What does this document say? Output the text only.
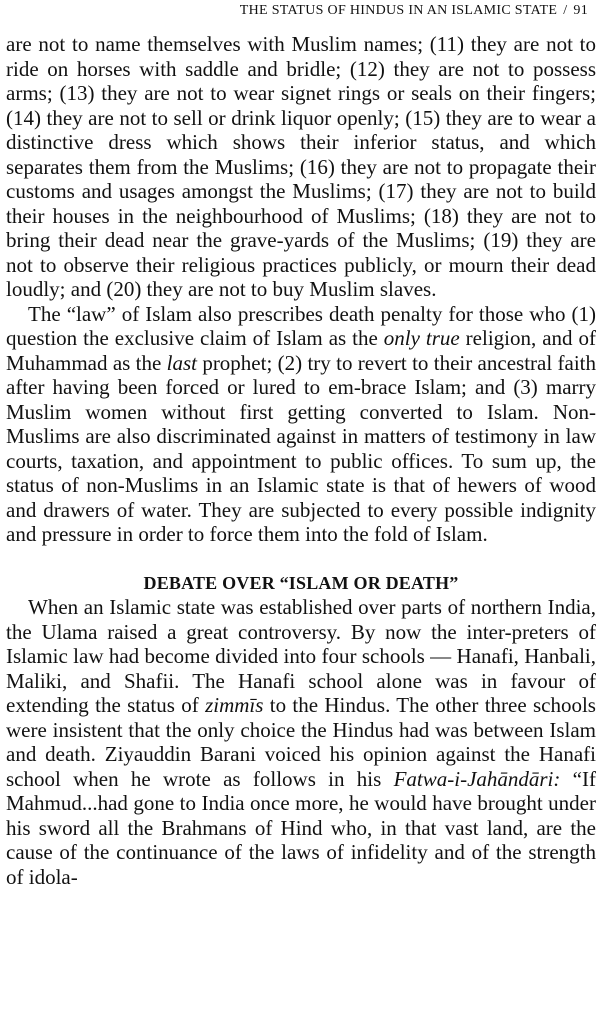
THE STATUS OF HINDUS IN AN ISLAMIC STATE / 91

are not to name themselves with Muslim names; (11) they are not to ride on horses with saddle and bridle; (12) they are not to possess arms; (13) they are not to wear signet rings or seals on their fingers; (14) they are not to sell or drink liquor openly; (15) they are to wear a distinctive dress which shows their inferior status, and which separates them from the Muslims; (16) they are not to propagate their customs and usages amongst the Muslims; (17) they are not to build their houses in the neighbourhood of Muslims; (18) they are not to bring their dead near the grave-yards of the Muslims; (19) they are not to observe their religious practices publicly, or mourn their dead loudly; and (20) they are not to buy Muslim slaves.

The “law” of Islam also prescribes death penalty for those who (1) question the exclusive claim of Islam as the only true religion, and of Muhammad as the last prophet; (2) try to revert to their ancestral faith after having been forced or lured to em-brace Islam; and (3) marry Muslim women without first getting converted to Islam. Non-Muslims are also discriminated against in matters of testimony in law courts, taxation, and appointment to public offices. To sum up, the status of non-Muslims in an Islamic state is that of hewers of wood and drawers of water. They are subjected to every possible indignity and pressure in order to force them into the fold of Islam.

DEBATE OVER “ISLAM OR DEATH”

When an Islamic state was established over parts of northern India, the Ulama raised a great controversy. By now the inter-preters of Islamic law had become divided into four schools — Hanafi, Hanbali, Maliki, and Shafii. The Hanafi school alone was in favour of extending the status of zimmīs to the Hindus. The other three schools were insistent that the only choice the Hindus had was between Islam and death. Ziyauddin Barani voiced his opinion against the Hanafi school when he wrote as follows in his Fatwa-i-Jahāndāri: “If Mahmud...had gone to India once more, he would have brought under his sword all the Brahmans of Hind who, in that vast land, are the cause of the continuance of the laws of infidelity and of the strength of idola-
